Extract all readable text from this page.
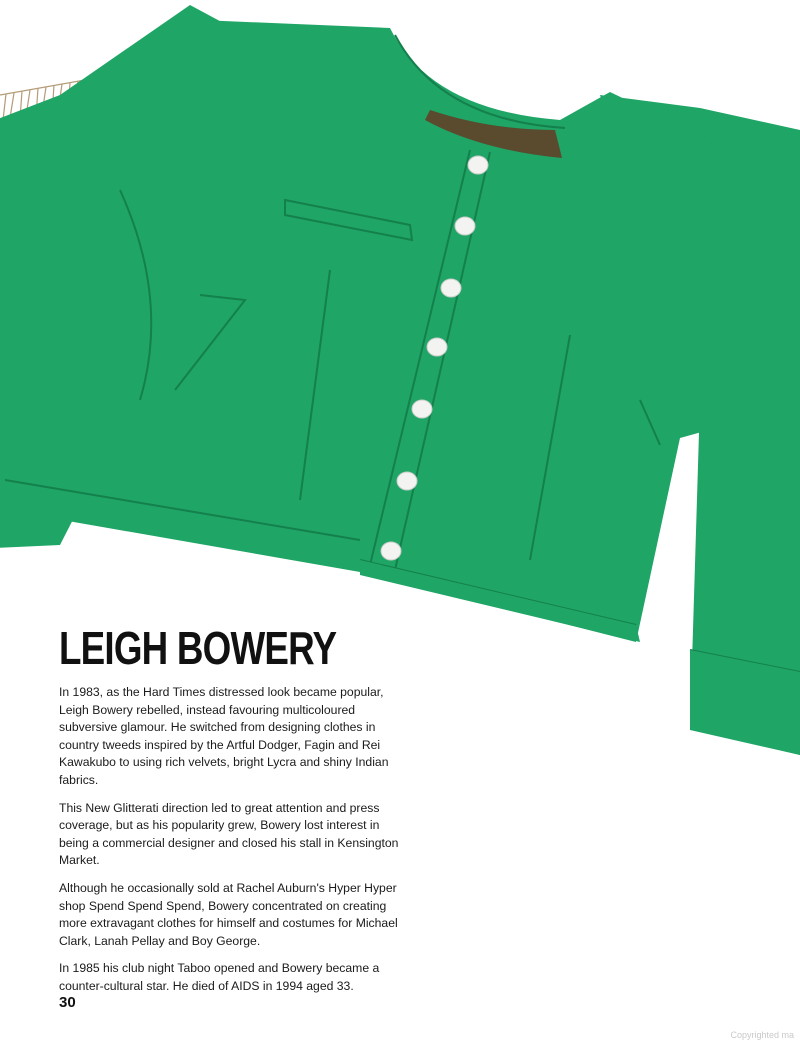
LEIGH BOWERY

In 1983, as the Hard Times distressed look became popular, Leigh Bowery rebelled, instead favouring multicoloured subversive glamour. He switched from designing clothes in country tweeds inspired by the Artful Dodger, Fagin and Rei Kawakubo to using rich velvets, bright Lycra and shiny Indian fabrics.

This New Glitterati direction led to great attention and press coverage, but as his popularity grew, Bowery lost interest in being a commercial designer and closed his stall in Kensington Market.

Although he occasionally sold at Rachel Auburn's Hyper Hyper shop Spend Spend Spend, Bowery concentrated on creating more extravagant clothes for himself and costumes for Michael Clark, Lanah Pellay and Boy George.

In 1985 his club night Taboo opened and Bowery became a counter-cultural star. He died of AIDS in 1994 aged 33.

30
Copyrighted ma
